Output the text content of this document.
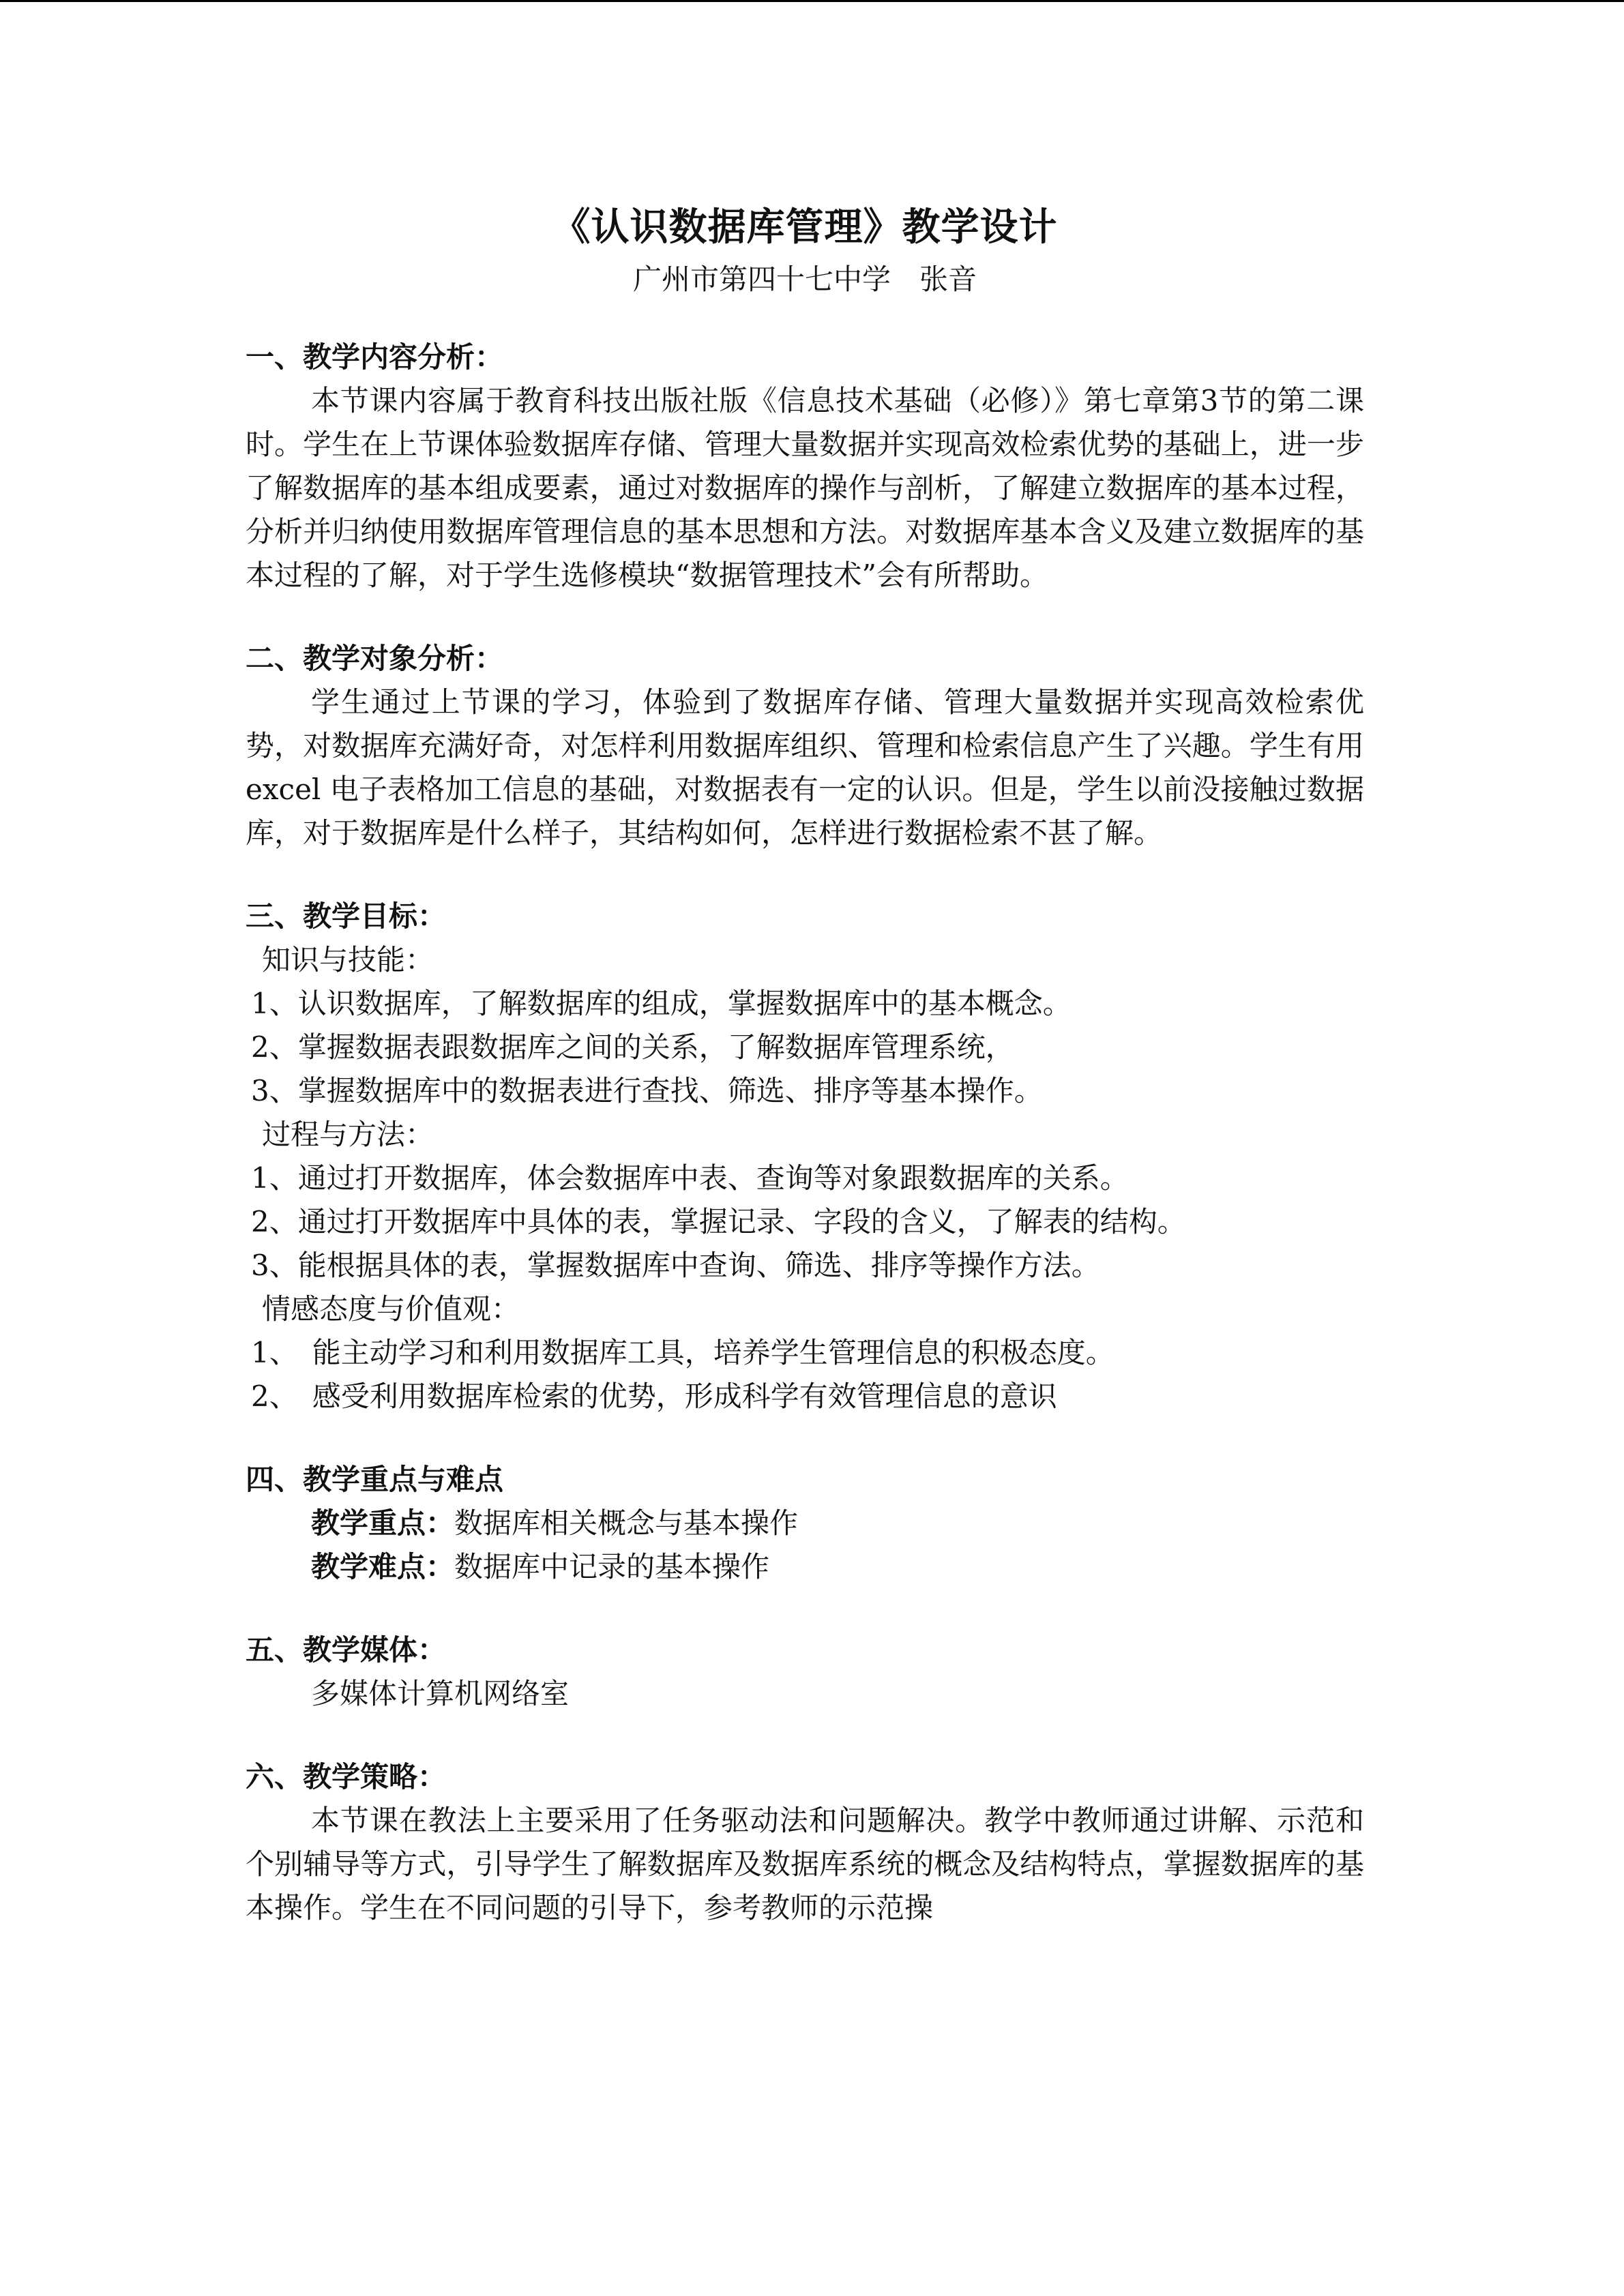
《认识数据库管理》教学设计
广州市第四十七中学　张音
一、教学内容分析：

本节课内容属于教育科技出版社版《信息技术基础（必修）》第七章第3节的第二课时。学生在上节课体验数据库存储、管理大量数据并实现高效检索优势的基础上，进一步了解数据库的基本组成要素，通过对数据库的操作与剖析，了解建立数据库的基本过程，分析并归纳使用数据库管理信息的基本思想和方法。对数据库基本含义及建立数据库的基本过程的了解，对于学生选修模块“数据管理技术”会有所帮助。

二、教学对象分析：

学生通过上节课的学习，体验到了数据库存储、管理大量数据并实现高效检索优势，对数据库充满好奇，对怎样利用数据库组织、管理和检索信息产生了兴趣。学生有用 excel 电子表格加工信息的基础，对数据表有一定的认识。但是，学生以前没接触过数据库，对于数据库是什么样子，其结构如何，怎样进行数据检索不甚了解。

三、教学目标：
知识与技能：
1、认识数据库，了解数据库的组成，掌握数据库中的基本概念。
2、掌握数据表跟数据库之间的关系，了解数据库管理系统，
3、掌握数据库中的数据表进行查找、筛选、排序等基本操作。
过程与方法：
1、通过打开数据库，体会数据库中表、查询等对象跟数据库的关系。
2、通过打开数据库中具体的表，掌握记录、字段的含义，了解表的结构。
3、能根据具体的表，掌握数据库中查询、筛选、排序等操作方法。
情感态度与价值观：
1、　能主动学习和利用数据库工具，培养学生管理信息的积极态度。
2、　感受利用数据库检索的优势，形成科学有效管理信息的意识
四、教学重点与难点
教学重点：数据库相关概念与基本操作
教学难点：数据库中记录的基本操作
五、教学媒体：
多媒体计算机网络室
六、教学策略：

本节课在教法上主要采用了任务驱动法和问题解决。教学中教师通过讲解、示范和个别辅导等方式，引导学生了解数据库及数据库系统的概念及结构特点，掌握数据库的基本操作。学生在不同问题的引导下，参考教师的示范操
